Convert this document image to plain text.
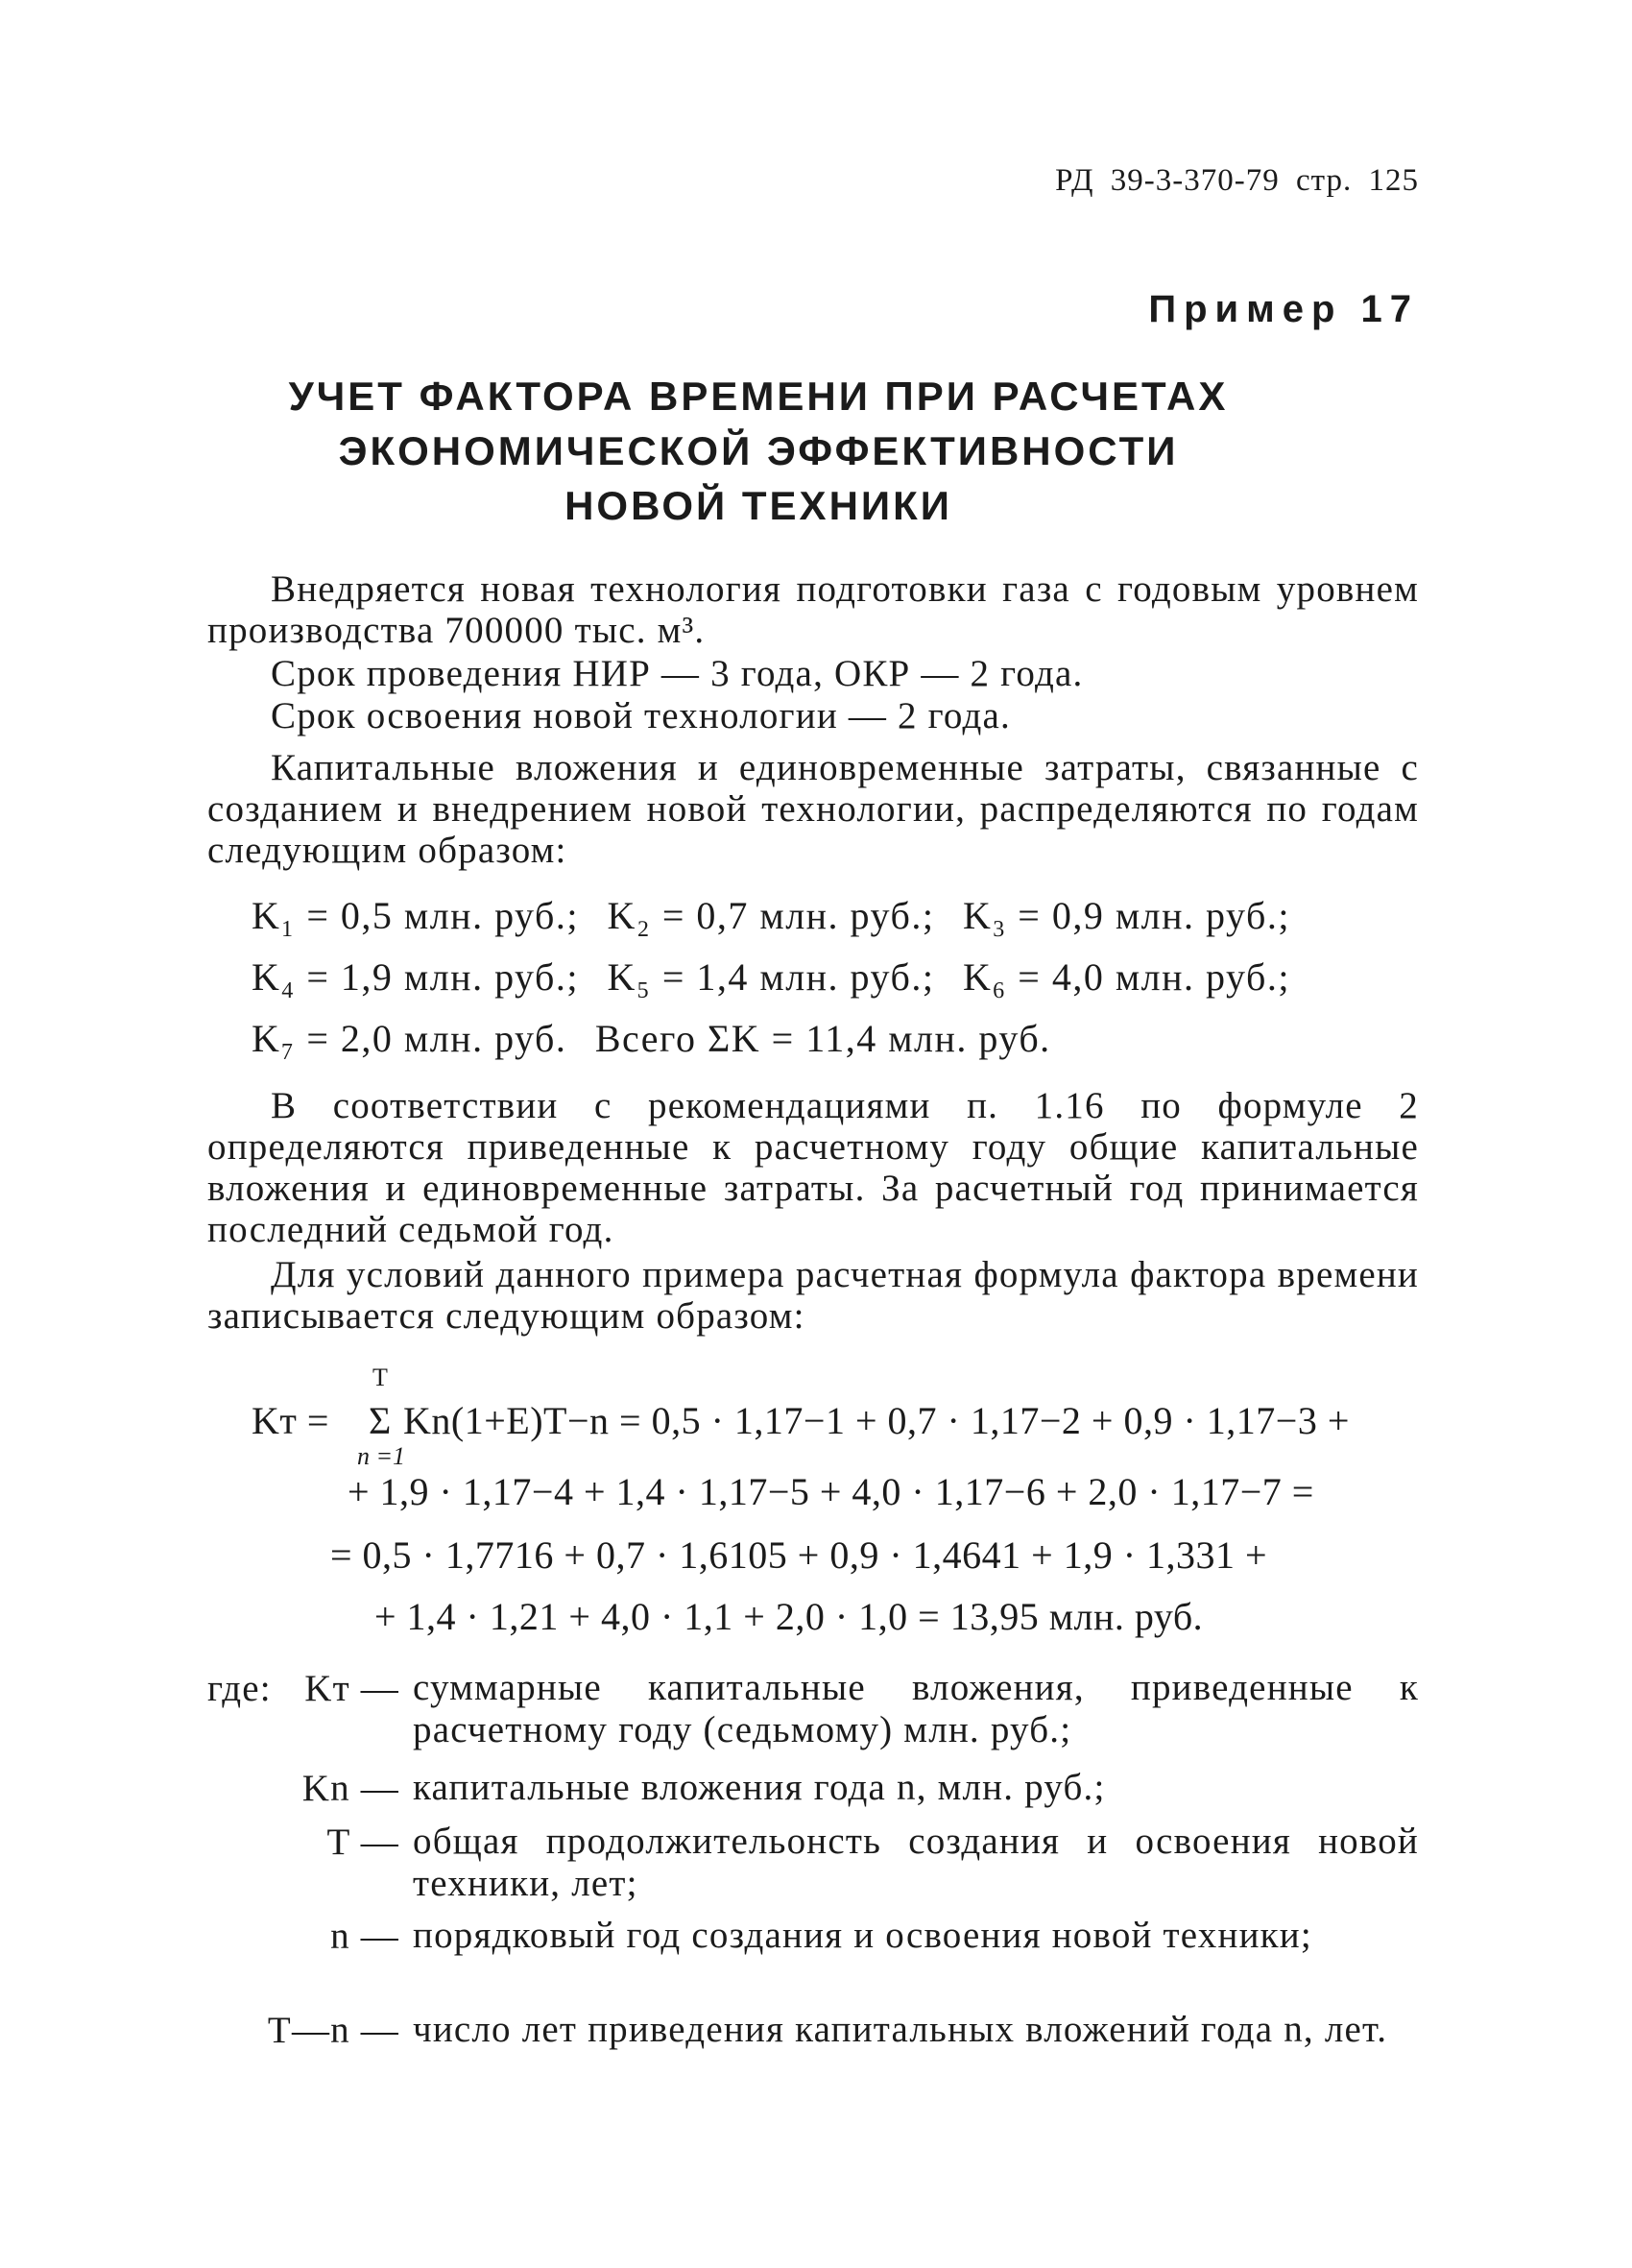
РД 39-3-370-79 стр. 125
Пример 17
УЧЕТ ФАКТОРА ВРЕМЕНИ ПРИ РАСЧЕТАХ
ЭКОНОМИЧЕСКОЙ ЭФФЕКТИВНОСТИ
НОВОЙ ТЕХНИКИ
Внедряется новая технология подготовки газа с годовым уровнем производства 700000 тыс. м³.
Срок проведения НИР — 3 года, ОКР — 2 года.
Срок освоения новой технологии — 2 года.
Капитальные вложения и единовременные затраты, связанные с созданием и внедрением новой технологии, распределяются по годам следующим образом:
K₁ = 0,5 млн. руб.; K₂ = 0,7 млн. руб.; K₃ = 0,9 млн. руб.;
K₄ = 1,9 млн. руб.; K₅ = 1,4 млн. руб.; K₆ = 4,0 млн. руб.;
K₇ = 2,0 млн. руб. Всего ΣK = 11,4 млн. руб.
В соответствии с рекомендациями п. 1.16 по формуле 2 определяются приведенные к расчетному году общие капитальные вложения и единовременные затраты. За расчетный год принимается последний седьмой год.
Для условий данного примера расчетная формула фактора времени записывается следующим образом:
Kт =
T
Σ
n =1
Kn(1+E)T−n = 0,5 · 1,17−1 + 0,7 · 1,17−2 + 0,9 · 1,17−3 +
+ 1,9 · 1,17−4 + 1,4 · 1,17−5 + 4,0 · 1,17−6 + 2,0 · 1,17−7 =
= 0,5 · 1,7716 + 0,7 · 1,6105 + 0,9 · 1,4641 + 1,9 · 1,331 +
+ 1,4 · 1,21 + 4,0 · 1,1 + 2,0 · 1,0 = 13,95 млн. руб.
где: Kт — суммарные капитальные вложения, приведенные к расчетному году (седьмому) млн. руб.;
Kn — капитальные вложения года n, млн. руб.;
T — общая продолжительонсть создания и освоения новой техники, лет;
n — порядковый год создания и освоения новой техники;
T—n — число лет приведения капитальных вложений года n, лет.
